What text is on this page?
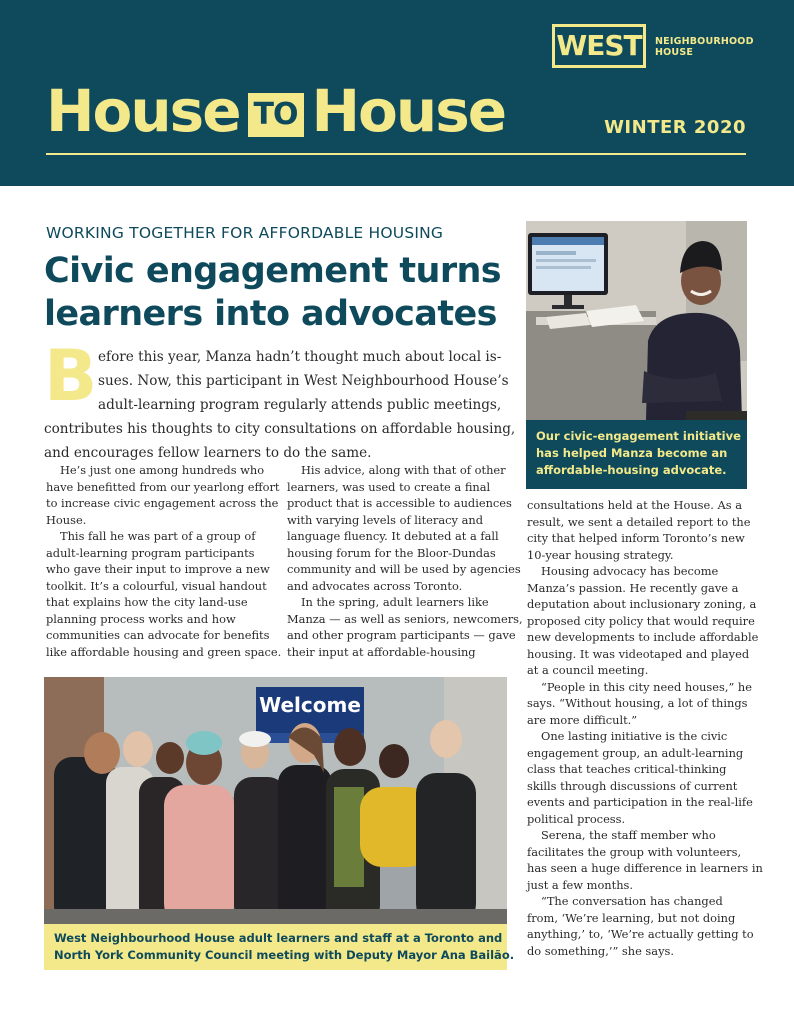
WEST	NEIGHBOURHOOD
HOUSE
House TO House	WINTER 2020
WORKING TOGETHER FOR AFFORDABLE HOUSING
Civic engagement turns
learners into advocates
B efore this year, Manza hadn’t thought much about local is-
sues. Now, this participant in West Neighbourhood House’s
adult-learning program regularly attends public meetings,
contributes his thoughts to city consultations on affordable housing,
and encourages fellow learners to do the same.
He’s just one among hundreds who
have benefitted from our yearlong effort
to increase civic engagement across the
House.
This fall he was part of a group of
adult-learning program participants
who gave their input to improve a new
toolkit. It’s a colourful, visual handout
that explains how the city land-use
planning process works and how
communities can advocate for benefits
like affordable housing and green space.
His advice, along with that of other
learners, was used to create a final
product that is accessible to audiences
with varying levels of literacy and
language fluency. It debuted at a fall
housing forum for the Bloor-Dundas
community and will be used by agencies
and advocates across Toronto.
In the spring, adult learners like
Manza — as well as seniors, newcomers,
and other program participants — gave
their input at affordable-housing
consultations held at the House. As a
result, we sent a detailed report to the
city that helped inform Toronto’s new
10-year housing strategy.
Housing advocacy has become
Manza’s passion. He recently gave a
deputation about inclusionary zoning, a
proposed city policy that would require
new developments to include affordable
housing. It was videotaped and played
at a council meeting.
“People in this city need houses,” he
says. “Without housing, a lot of things
are more difficult.”
One lasting initiative is the civic
engagement group, an adult-learning
class that teaches critical-thinking
skills through discussions of current
events and participation in the real-life
political process.
Serena, the staff member who
facilitates the group with volunteers,
has seen a huge difference in learners in
just a few months.
“The conversation has changed
from, ‘We’re learning, but not doing
anything,’ to, ‘We’re actually getting to
do something,’” she says.
Our civic-engagement initiative
has helped Manza become an
affordable-housing advocate.
Welcome
West Neighbourhood House adult learners and staff at a Toronto and
North York Community Council meeting with Deputy Mayor Ana Bailão.
